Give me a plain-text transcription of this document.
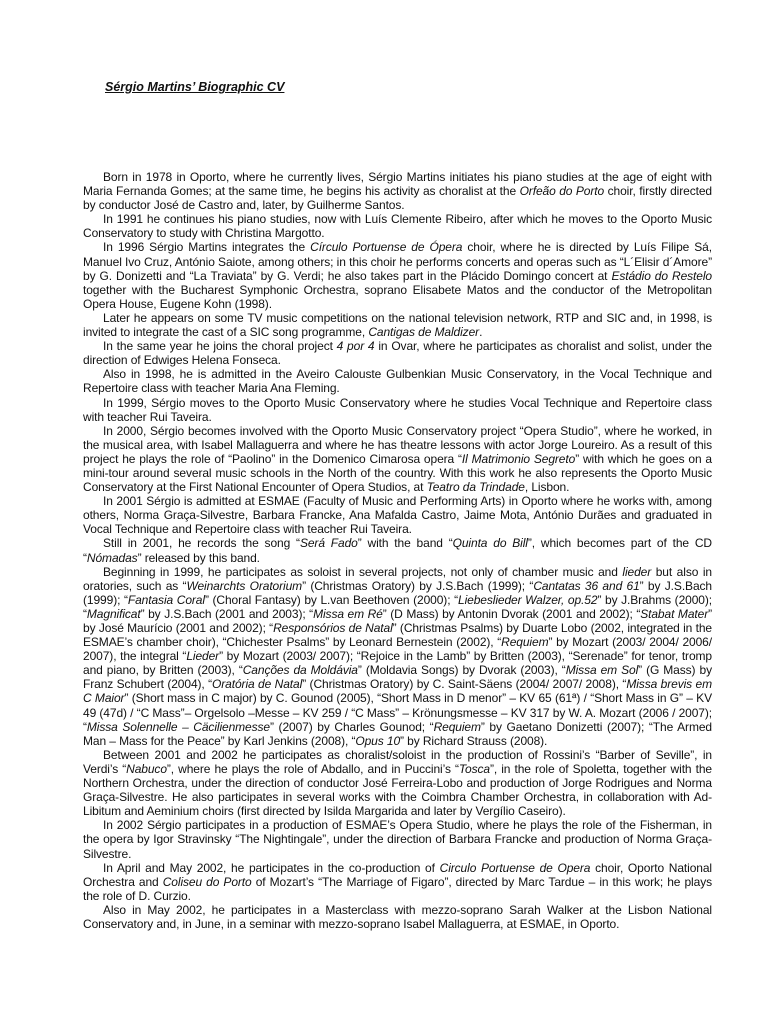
Sérgio Martins’ Biographic CV

Born in 1978 in Oporto, where he currently lives, Sérgio Martins initiates his piano studies at the age of eight with Maria Fernanda Gomes; at the same time, he begins his activity as choralist at the Orfeão do Porto choir, firstly directed by conductor José de Castro and, later, by Guilherme Santos.

In 1991 he continues his piano studies, now with Luís Clemente Ribeiro, after which he moves to the Oporto Music Conservatory to study with Christina Margotto.

In 1996 Sérgio Martins integrates the Círculo Portuense de Ópera choir, where he is directed by Luís Filipe Sá, Manuel Ivo Cruz, António Saiote, among others; in this choir he performs concerts and operas such as “L´Elisir d´Amore” by G. Donizetti and “La Traviata” by G. Verdi; he also takes part in the Plácido Domingo concert at Estádio do Restelo together with the Bucharest Symphonic Orchestra, soprano Elisabete Matos and the conductor of the Metropolitan Opera House, Eugene Kohn (1998).

Later he appears on some TV music competitions on the national television network, RTP and SIC and, in 1998, is invited to integrate the cast of a SIC song programme, Cantigas de Maldizer.

In the same year he joins the choral project 4 por 4 in Ovar, where he participates as choralist and solist, under the direction of Edwiges Helena Fonseca.

Also in 1998, he is admitted in the Aveiro Calouste Gulbenkian Music Conservatory, in the Vocal Technique and Repertoire class with teacher Maria Ana Fleming.

In 1999, Sérgio moves to the Oporto Music Conservatory where he studies Vocal Technique and Repertoire class with teacher Rui Taveira.

In 2000, Sérgio becomes involved with the Oporto Music Conservatory project “Opera Studio”, where he worked, in the musical area, with Isabel Mallaguerra and where he has theatre lessons with actor Jorge Loureiro. As a result of this project he plays the role of “Paolino” in the Domenico Cimarosa opera “Il Matrimonio Segreto” with which he goes on a mini-tour around several music schools in the North of the country. With this work he also represents the Oporto Music Conservatory at the First National Encounter of Opera Studios, at Teatro da Trindade, Lisbon.

In 2001 Sérgio is admitted at ESMAE (Faculty of Music and Performing Arts) in Oporto where he works with, among others, Norma Graça-Silvestre, Barbara Francke, Ana Mafalda Castro, Jaime Mota, António Durães and graduated in Vocal Technique and Repertoire class with teacher Rui Taveira.

Still in 2001, he records the song “Será Fado” with the band “Quinta do Bill”, which becomes part of the CD “Nómadas” released by this band.

Beginning in 1999, he participates as soloist in several projects, not only of chamber music and lieder but also in oratories, such as “Weinarchts Oratorium” (Christmas Oratory) by J.S.Bach (1999); “Cantatas 36 and 61” by J.S.Bach (1999); “Fantasia Coral” (Choral Fantasy) by L.van Beethoven (2000); “Liebeslieder Walzer, op.52” by J.Brahms (2000); “Magnificat” by J.S.Bach (2001 and 2003); “Missa em Ré” (D Mass) by Antonin Dvorak (2001 and 2002); “Stabat Mater” by José Maurício (2001 and 2002); “Responsórios de Natal” (Christmas Psalms) by Duarte Lobo (2002, integrated in the ESMAE’s chamber choir), “Chichester Psalms” by Leonard Bernestein (2002), “Requiem” by Mozart (2003/ 2004/ 2006/ 2007), the integral “Lieder” by Mozart (2003/ 2007); “Rejoice in the Lamb” by Britten (2003), “Serenade” for tenor, tromp and piano, by Britten (2003), “Canções da Moldávia” (Moldavia Songs) by Dvorak (2003), “Missa em Sol” (G Mass) by Franz Schubert (2004), “Oratória de Natal” (Christmas Oratory) by C. Saint-Säens (2004/ 2007/ 2008), “Missa brevis em C Maior” (Short mass in C major) by C. Gounod (2005), “Short Mass in D menor” – KV 65 (61ª) / “Short Mass in G” – KV 49 (47d) / “C Mass”– Orgelsolo –Messe – KV 259 / “C Mass” – Krönungsmesse – KV 317 by W. A. Mozart (2006 / 2007); “Missa Solennelle – Cäcilienmesse” (2007) by Charles Gounod; “Requiem” by Gaetano Donizetti (2007); “The Armed Man – Mass for the Peace” by Karl Jenkins (2008), “Opus 10” by Richard Strauss (2008).

Between 2001 and 2002 he participates as choralist/soloist in the production of Rossini’s “Barber of Seville”, in Verdi’s “Nabuco”, where he plays the role of Abdallo, and in Puccini’s “Tosca”, in the role of Spoletta, together with the Northern Orchestra, under the direction of conductor José Ferreira-Lobo and production of Jorge Rodrigues and Norma Graça-Silvestre. He also participates in several works with the Coimbra Chamber Orchestra, in collaboration with Ad-Libitum and Aeminium choirs (first directed by Isilda Margarida and later by Vergílio Caseiro).

In 2002 Sérgio participates in a production of ESMAE’s Opera Studio, where he plays the role of the Fisherman, in the opera by Igor Stravinsky “The Nightingale”, under the direction of Barbara Francke and production of Norma Graça-Silvestre.

In April and May 2002, he participates in the co-production of Circulo Portuense de Opera choir, Oporto National Orchestra and Coliseu do Porto of Mozart’s “The Marriage of Figaro”, directed by Marc Tardue – in this work; he plays the role of D. Curzio.

Also in May 2002, he participates in a Masterclass with mezzo-soprano Sarah Walker at the Lisbon National Conservatory and, in June, in a seminar with mezzo-soprano Isabel Mallaguerra, at ESMAE, in Oporto.
